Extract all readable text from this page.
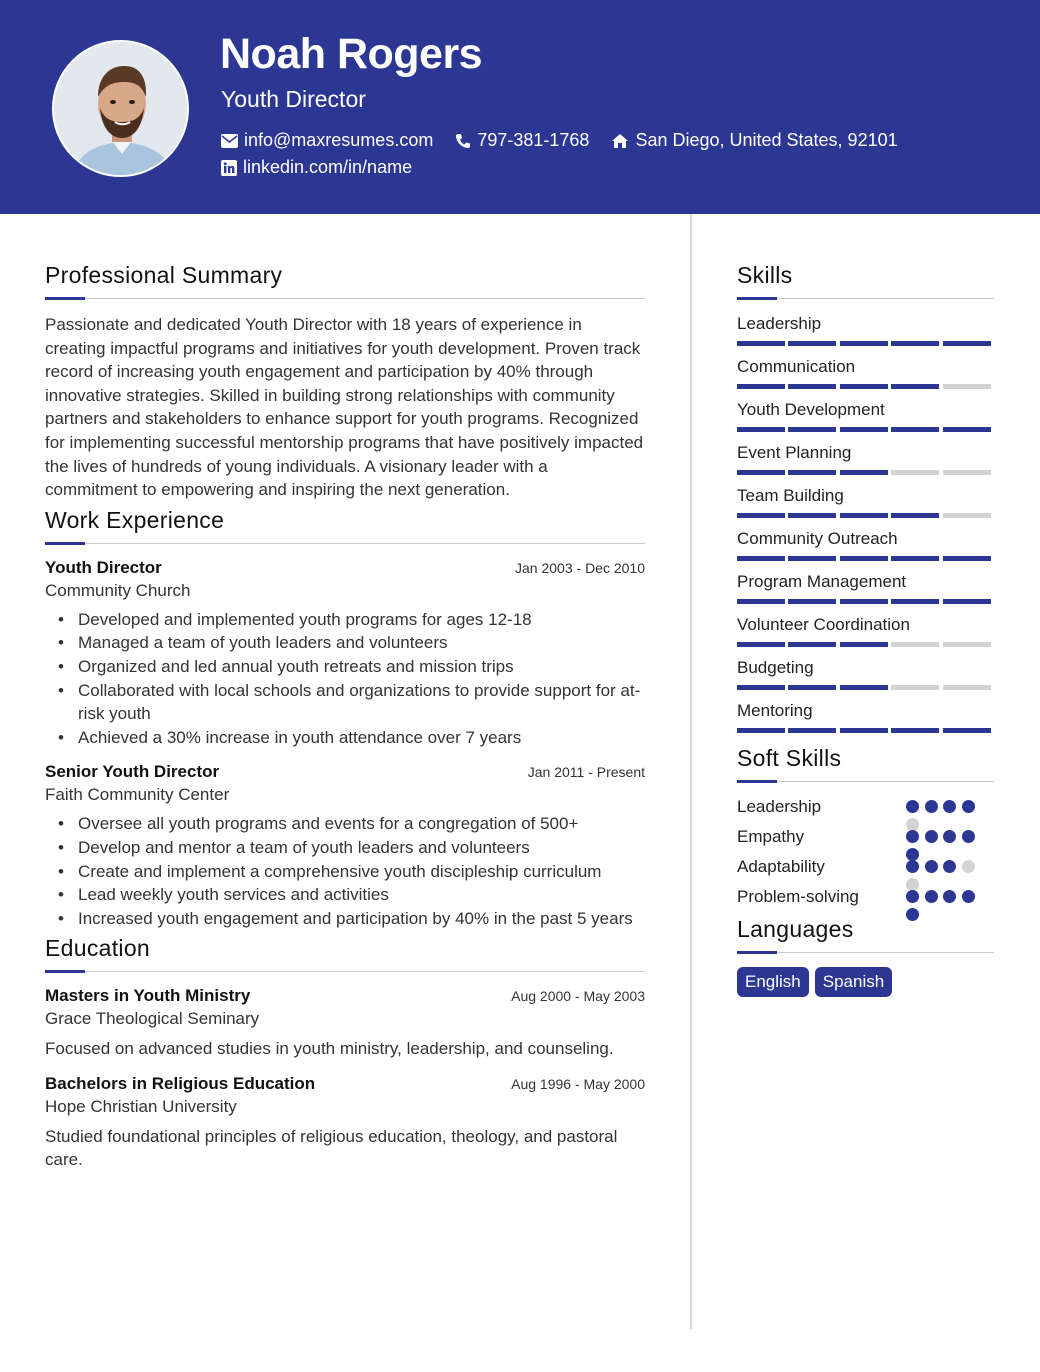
Noah Rogers
Youth Director
info@maxresumes.com 797-381-1768	San Diego, United States, 92101
linkedin.com/in/name
Professional Summary

Passionate and dedicated Youth Director with 18 years of experience in creating impactful programs and initiatives for youth development. Proven track record of increasing youth engagement and participation by 40% through innovative strategies. Skilled in building strong relationships with community partners and stakeholders to enhance support for youth programs. Recognized for implementing successful mentorship programs that have positively impacted the lives of hundreds of young individuals. A visionary leader with a commitment to empowering and inspiring the next generation.

Work Experience
Youth Director	Jan 2003 - Dec 2010
Community Church
• Developed and implemented youth programs for ages 12-18
• Managed a team of youth leaders and volunteers
• Organized and led annual youth retreats and mission trips
• Collaborated with local schools and organizations to provide support for at-risk youth
• Achieved a 30% increase in youth attendance over 7 years
Senior Youth Director	Jan 2011 - Present
Faith Community Center
• Oversee all youth programs and events for a congregation of 500+
• Develop and mentor a team of youth leaders and volunteers
• Create and implement a comprehensive youth discipleship curriculum
• Lead weekly youth services and activities
• Increased youth engagement and participation by 40% in the past 5 years
Education
Masters in Youth Ministry	Aug 2000 - May 2003
Grace Theological Seminary

Focused on advanced studies in youth ministry, leadership, and counseling.

Bachelors in Religious Education	Aug 1996 - May 2000
Hope Christian University

Studied foundational principles of religious education, theology, and pastoral care.

Skills
Leadership
Communication
Youth Development
Event Planning
Team Building
Community Outreach
Program Management
Volunteer Coordination
Budgeting
Mentoring
Soft Skills
Leadership
Empathy
Adaptability
Problem-solving
Languages
English	Spanish
